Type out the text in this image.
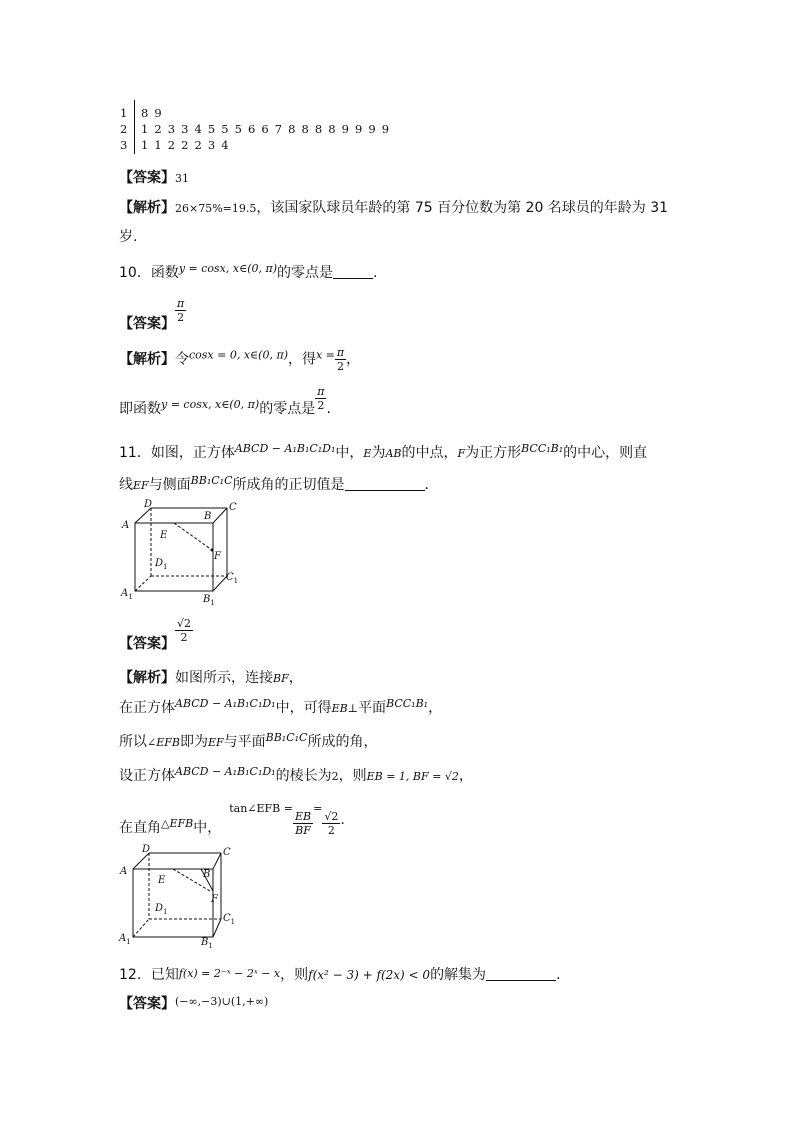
1 8 9
2 1 2 3 3 4 5 5 5 6 6 7 8 8 8 8 9 9 9 9
3 1 1 2 2 2 3 4
【答案】31
【解析】26×75%=19.5，该国家队球员年龄的第 75 百分位数为第 20 名球员的年龄为 31
岁.
10．函数$^{y = cosx, x\in(0, \pi)}$的零点是	.
【答案】 $\frac{\pi}{2}$
【解析】令$^{cosx = 0, x\in(0, \pi)}$，得$^{x =} \frac{\pi}{2}$ ，
即函数$_{y = cosx, x\in(0, \pi)}$的零点是 $\frac{\pi}{2}$ .
11．如图，正方体$^{ABCD - A_1B_1C_1D_1}$中，E为AB的中点，F为正方形$^{BCC_1B_1}$的中心，则直
线EF与侧面$^{BB_1C_1C}$所成角的正切值是	.
A
D
B
C
E
F
$D_1$
$C_1$
$A_1$	$B_1$
【答案】 $\frac{√2}{2}$
【解析】如图所示，连接BF，
在正方体$^{ABCD - A_1B_1C_1D_1}$中，可得EB⊥平面$^{BCC_1B_1}$，
所以∠EFB即为EF与平面$^{BB_1C_1C}$所成的角，
设正方体$^{ABCD - A_1B_1C_1D_1}$的棱长为2，则EB = 1, BF = √2，
在直角$_{\triangle EFB}$中，tan∠EFB =
$\frac{EB}{BF}$
=
$\frac{√2}{2}$ .
A
D
B
C
E
F
$D_1$
$C_1$
$A_1$	$B_1$
12．已知f(x) = 2⁻ˣ − 2ˣ − x，则f(x² − 3) + f(2x) < 0的解集为	.
【答案】$^{(-\infty,-3)\cup(1,+\infty)}$
